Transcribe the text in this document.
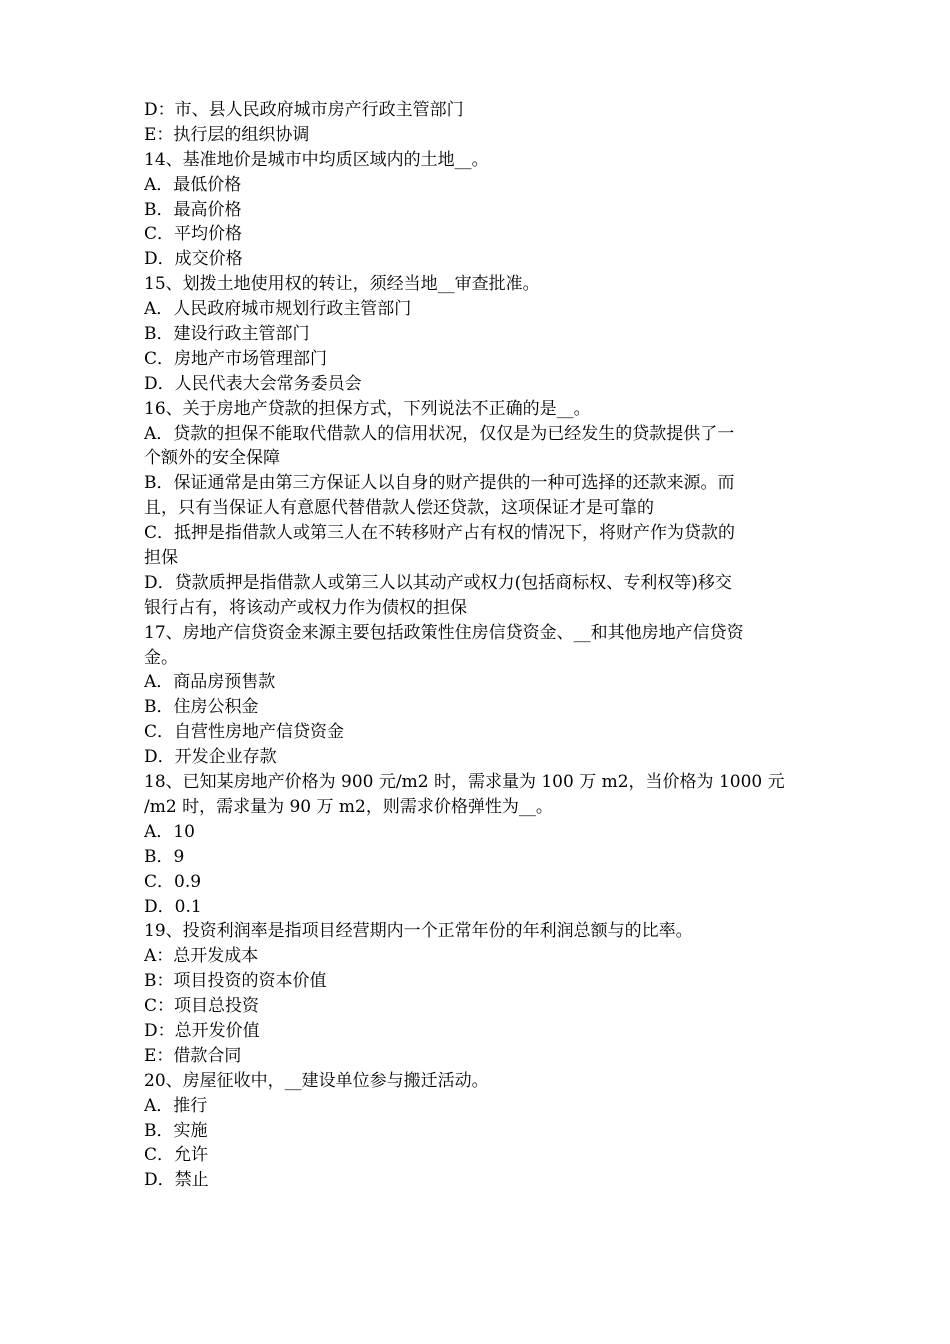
D：市、县人民政府城市房产行政主管部门
E：执行层的组织协调
14、基准地价是城市中均质区域内的土地__。
A．最低价格
B．最高价格
C．平均价格
D．成交价格
15、划拨土地使用权的转让，须经当地__审查批准。
A．人民政府城市规划行政主管部门
B．建设行政主管部门
C．房地产市场管理部门
D．人民代表大会常务委员会
16、关于房地产贷款的担保方式，下列说法不正确的是__。
A．贷款的担保不能取代借款人的信用状况，仅仅是为已经发生的贷款提供了一
个额外的安全保障
B．保证通常是由第三方保证人以自身的财产提供的一种可选择的还款来源。而
且，只有当保证人有意愿代替借款人偿还贷款，这项保证才是可靠的
C．抵押是指借款人或第三人在不转移财产占有权的情况下，将财产作为贷款的
担保
D．贷款质押是指借款人或第三人以其动产或权力(包括商标权、专利权等)移交
银行占有，将该动产或权力作为债权的担保
17、房地产信贷资金来源主要包括政策性住房信贷资金、__和其他房地产信贷资
金。
A．商品房预售款
B．住房公积金
C．自营性房地产信贷资金
D．开发企业存款
18、已知某房地产价格为 900 元/m2 时，需求量为 100 万 m2，当价格为 1000 元
/m2 时，需求量为 90 万 m2，则需求价格弹性为__。
A．10
B．9
C．0.9
D．0.1
19、投资利润率是指项目经营期内一个正常年份的年利润总额与的比率。
A：总开发成本
B：项目投资的资本价值
C：项目总投资
D：总开发价值
E：借款合同
20、房屋征收中，__建设单位参与搬迁活动。
A．推行
B．实施
C．允许
D．禁止
